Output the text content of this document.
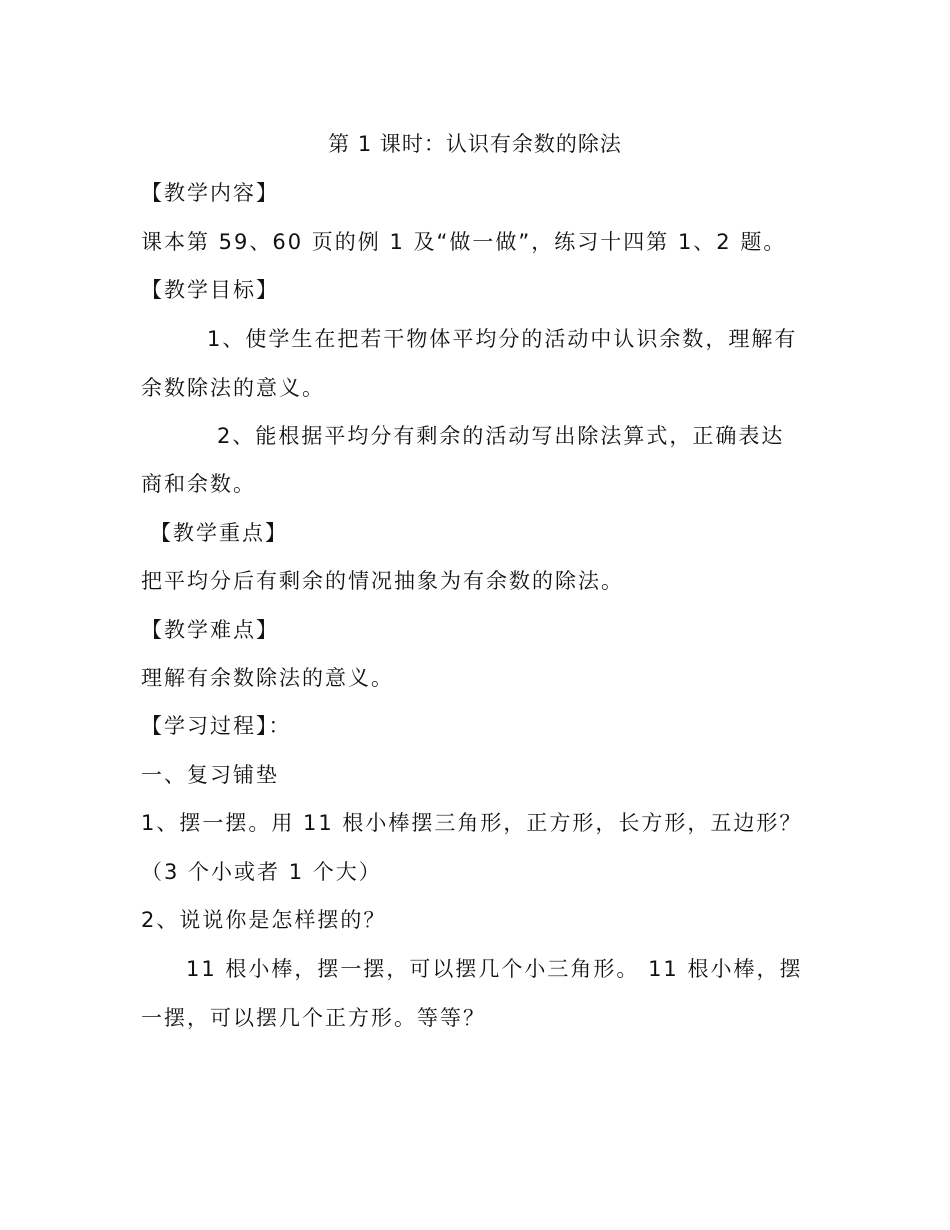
第 1 课时：认识有余数的除法
【教学内容】
课本第 59、60 页的例 1 及“做一做”，练习十四第 1、2 题。
【教学目标】
1、使学生在把若干物体平均分的活动中认识余数，理解有
余数除法的意义。
2、能根据平均分有剩余的活动写出除法算式，正确表达
商和余数。
【教学重点】
把平均分后有剩余的情况抽象为有余数的除法。
【教学难点】
理解有余数除法的意义。
【学习过程】：
一、复习铺垫
1、摆一摆。用 11 根小棒摆三角形，正方形，长方形，五边形？
（3 个小或者 1 个大）
2、说说你是怎样摆的？
11 根小棒，摆一摆，可以摆几个小三角形。 11 根小棒，摆
一摆，可以摆几个正方形。等等？
